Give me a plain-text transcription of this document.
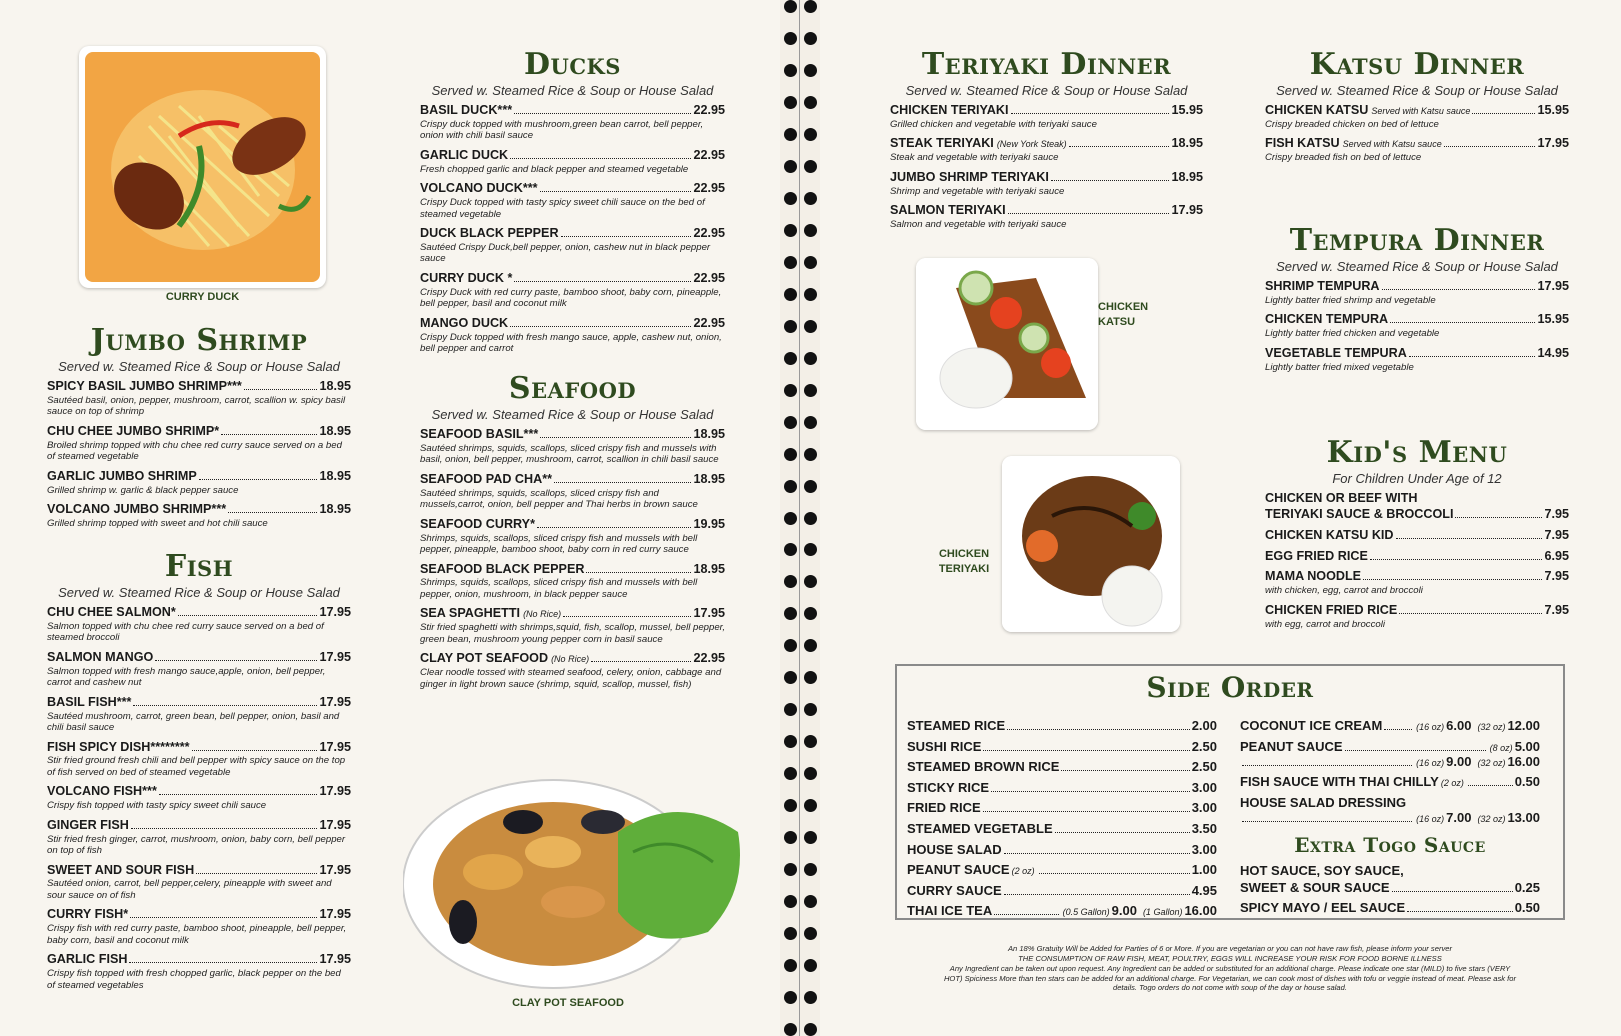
CURRY DUCK
Jumbo Shrimp
Served w. Steamed Rice & Soup or House Salad
SPICY BASIL JUMBO SHRIMP***	18.95
Sautéed basil, onion, pepper, mushroom, carrot, scallion w. spicy basil sauce on top of shrimp
CHU CHEE JUMBO SHRIMP*	18.95
Broiled shrimp topped with chu chee red curry sauce served on a bed of steamed vegetable
GARLIC JUMBO SHRIMP	18.95
Grilled shrimp w. garlic & black pepper sauce
VOLCANO JUMBO SHRIMP***	18.95
Grilled shrimp topped with sweet and hot chili sauce
Fish
Served w. Steamed Rice & Soup or House Salad
CHU CHEE SALMON*	17.95
Salmon topped with chu chee red curry sauce served on a bed of steamed broccoli
SALMON MANGO	17.95
Salmon topped with fresh mango sauce,apple, onion, bell pepper, carrot and cashew nut
BASIL FISH***	17.95
Sautéed mushroom, carrot, green bean, bell pepper, onion, basil and chili basil sauce
FISH SPICY DISH********	17.95
Stir fried ground fresh chili and bell pepper with spicy sauce on the top of fish served on bed of steamed vegetable
VOLCANO FISH***	17.95
Crispy fish topped with tasty spicy sweet chili sauce
GINGER FISH	17.95
Stir fried fresh ginger, carrot, mushroom, onion, baby corn, bell pepper on top of fish
SWEET AND SOUR FISH	17.95
Sautéed onion, carrot, bell pepper,celery, pineapple with sweet and sour sauce on of fish
CURRY FISH*	17.95
Crispy fish with red curry paste, bamboo shoot, pineapple, bell pepper, baby corn, basil and coconut milk
GARLIC FISH	17.95
Crispy fish topped with fresh chopped garlic, black pepper on the bed of steamed vegetables
Ducks
Served w. Steamed Rice & Soup or House Salad
BASIL DUCK***	22.95
Crispy duck topped with mushroom,green bean carrot, bell pepper, onion with chili basil sauce
GARLIC DUCK	22.95
Fresh chopped garlic and black pepper and steamed vegetable
VOLCANO DUCK***	22.95
Crispy Duck topped with tasty spicy sweet chili sauce on the bed of steamed vegetable
DUCK BLACK PEPPER	22.95
Sautéed Crispy Duck,bell pepper, onion, cashew nut in black pepper sauce
CURRY DUCK *	22.95
Crispy Duck with red curry paste, bamboo shoot, baby corn, pineapple, bell pepper, basil and coconut milk
MANGO DUCK	22.95
Crispy Duck topped with fresh mango sauce, apple, cashew nut, onion, bell pepper and carrot
Seafood
Served w. Steamed Rice & Soup or House Salad
SEAFOOD BASIL***	18.95
Sautéed shrimps, squids, scallops, sliced crispy fish and mussels with basil, onion, bell pepper, mushroom, carrot, scallion in chili basil sauce
SEAFOOD PAD CHA**	18.95
Sautéed shrimps, squids, scallops, sliced crispy fish and mussels,carrot, onion, bell pepper and Thai herbs in brown sauce
SEAFOOD CURRY*	19.95
Shrimps, squids, scallops, sliced crispy fish and mussels with bell pepper, pineapple, bamboo shoot, baby corn in red curry sauce
SEAFOOD BLACK PEPPER	18.95
Shrimps, squids, scallops, sliced crispy fish and mussels with bell pepper, onion, mushroom, in black pepper sauce
SEA SPAGHETTI (No Rice)	17.95
Stir fried spaghetti with shrimps,squid, fish, scallop, mussel, bell pepper, green bean, mushroom young pepper corn in basil sauce
CLAY POT SEAFOOD (No Rice)	22.95
Clear noodle tossed with steamed seafood, celery, onion, cabbage and ginger in light brown sauce (shrimp, squid, scallop, mussel, fish)
CLAY POT SEAFOOD
Teriyaki Dinner
Served w. Steamed Rice & Soup or House Salad
CHICKEN TERIYAKI	15.95
Grilled chicken and vegetable with teriyaki sauce
STEAK TERIYAKI (New York Steak)	18.95
Steak and vegetable with teriyaki sauce
JUMBO SHRIMP TERIYAKI	18.95
Shrimp and vegetable with teriyaki sauce
SALMON TERIYAKI	17.95
Salmon and vegetable with teriyaki sauce
Katsu Dinner
Served w. Steamed Rice & Soup or House Salad
CHICKEN KATSU Served with Katsu sauce	15.95
Crispy breaded chicken on bed of lettuce
FISH KATSU Served with Katsu sauce	17.95
Crispy breaded fish on bed of lettuce
Tempura Dinner
Served w. Steamed Rice & Soup or House Salad
SHRIMP TEMPURA	17.95
Lightly batter fried shrimp and vegetable
CHICKEN TEMPURA	15.95
Lightly batter fried chicken and vegetable
VEGETABLE TEMPURA	14.95
Lightly batter fried mixed vegetable
Kid's Menu
For Children Under Age of 12
CHICKEN OR BEEF WITH
TERIYAKI SAUCE & BROCCOLI	7.95
CHICKEN KATSU KID	7.95
EGG FRIED RICE	6.95
MAMA NOODLE	7.95
with chicken, egg, carrot and broccoli
CHICKEN FRIED RICE	7.95
with egg, carrot and broccoli
CHICKEN KATSU
CHICKEN TERIYAKI
Side Order
STEAMED RICE	2.00
SUSHI RICE	2.50
STEAMED BROWN RICE	2.50
STICKY RICE	3.00
FRIED RICE	3.00
STEAMED VEGETABLE	3.50
HOUSE SALAD	3.00
PEANUT SAUCE (2 oz)	1.00
CURRY SAUCE	4.95
THAI ICE TEA	(0.5 Gallon) 9.00 (1 Gallon) 16.00
COCONUT ICE CREAM	(16 oz) 6.00 (32 oz) 12.00
PEANUT SAUCE	(8 oz) 5.00
(16 oz) 9.00 (32 oz) 16.00
FISH SAUCE WITH THAI CHILLY (2 oz)	0.50
HOUSE SALAD DRESSING
(16 oz) 7.00 (32 oz) 13.00
Extra Togo Sauce
HOT SAUCE, SOY SAUCE,
SWEET & SOUR SAUCE	0.25
SPICY MAYO / EEL SAUCE	0.50
An 18% Gratuity Will be Added for Parties of 6 or More. If you are vegetarian or you can not have raw fish, please inform your server
THE CONSUMPTION OF RAW FISH, MEAT, POULTRY, EGGS WILL INCREASE YOUR RISK FOR FOOD BORNE ILLNESS
Any Ingredient can be taken out upon request. Any Ingredient can be added or substituted for an additional charge. Please indicate one star (MILD) to five stars (VERY HOT) Spiciness More than ten stars can be added for an additional charge. For Vegetarian, we can cook most of dishes with tofu or veggie instead of meat. Please ask for details. Togo orders do not come with soup of the day or house salad.
